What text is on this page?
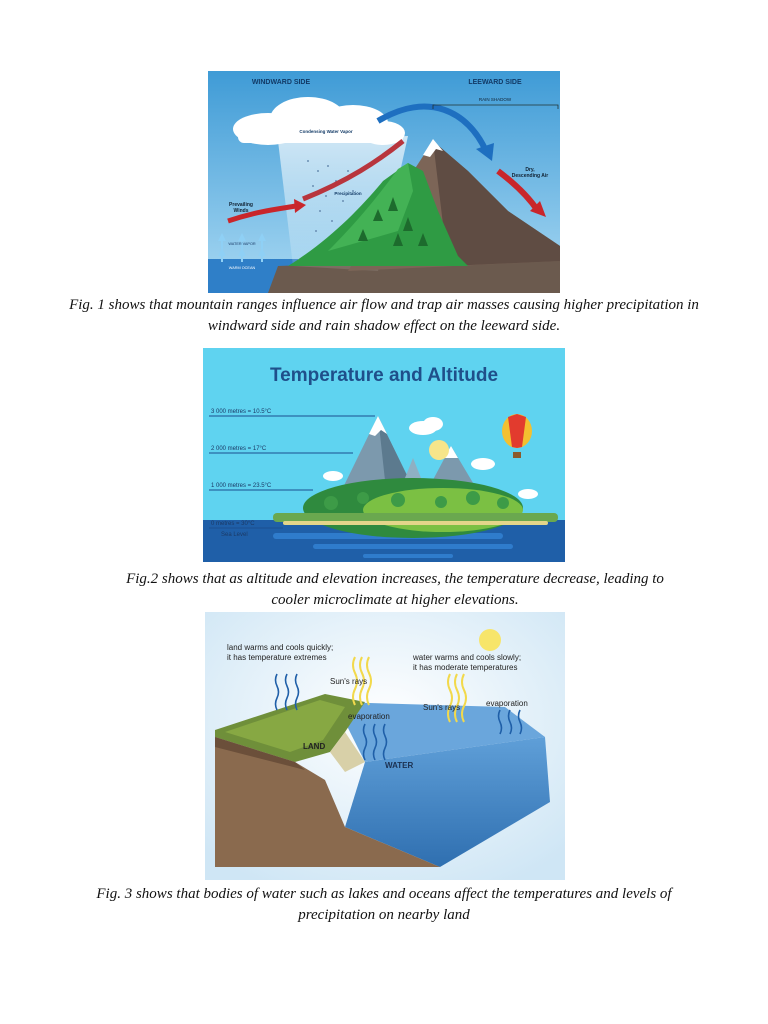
WINDWARD SIDE	LEEWARD SIDE
RAIN SHADOW
Condensing Water Vapor
Precipitation
Dry,
Descending Air
Prevailing
Winds
WATER VAPOR
WARM OCEAN
Fig. 1 shows that mountain ranges influence air flow and trap air masses causing higher precipitation in windward side and rain shadow effect on the leeward side.
Temperature and Altitude
3 000 metres = 10.5°C
2 000 metres = 17°C
1 000 metres = 23.5°C
0 metres = 30°C
Sea Level
Fig.2 shows that as altitude and elevation increases, the temperature decrease, leading to cooler microclimate at higher elevations.
land warms and cools quickly;
it has temperature extremes	water warms and cools slowly;
it has moderate temperatures
Sun's rays
Sun's rays
evaporation
evaporation
LAND
WATER
Fig. 3 shows that bodies of water such as lakes and oceans affect the temperatures and levels of precipitation on nearby land
